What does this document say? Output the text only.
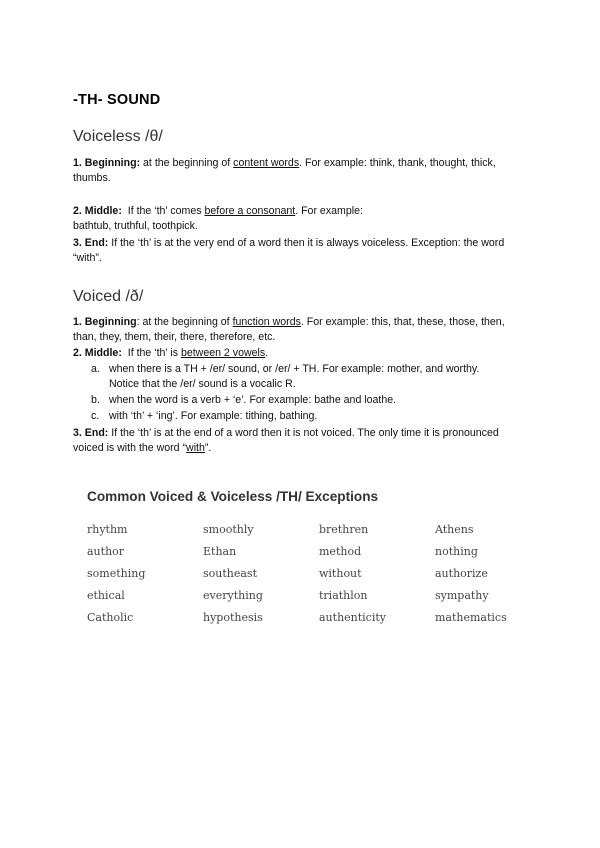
-TH- SOUND
Voiceless /θ/
1. Beginning: at the beginning of content words. For example: think, thank, thought, thick,
thumbs.
2. Middle:  If the ‘th’ comes before a consonant. For example:
bathtub, truthful, toothpick.
3. End: If the ‘th’ is at the very end of a word then it is always voiceless. Exception: the word “with”.
Voiced /ð/
1. Beginning: at the beginning of function words. For example: this, that, these, those, then, than, they, them, their, there, therefore, etc.
2. Middle:  If the ‘th’ is between 2 vowels.
a. when there is a TH + /er/ sound, or /er/ + TH. For example: mother, and worthy. Notice that the /er/ sound is a vocalic R.
b. when the word is a verb + ‘e’. For example: bathe and loathe.
c. with ‘th’ + ‘ing’. For example: tithing, bathing.
3. End: If the ‘th’ is at the end of a word then it is not voiced. The only time it is pronounced voiced is with the word “with”.
Common Voiced & Voiceless /TH/ Exceptions
rhythm	smoothly	brethren	Athens
author	Ethan	method	nothing
something	southeast	without	authorize
ethical	everything	triathlon	sympathy
Catholic	hypothesis	authenticity	mathematics
